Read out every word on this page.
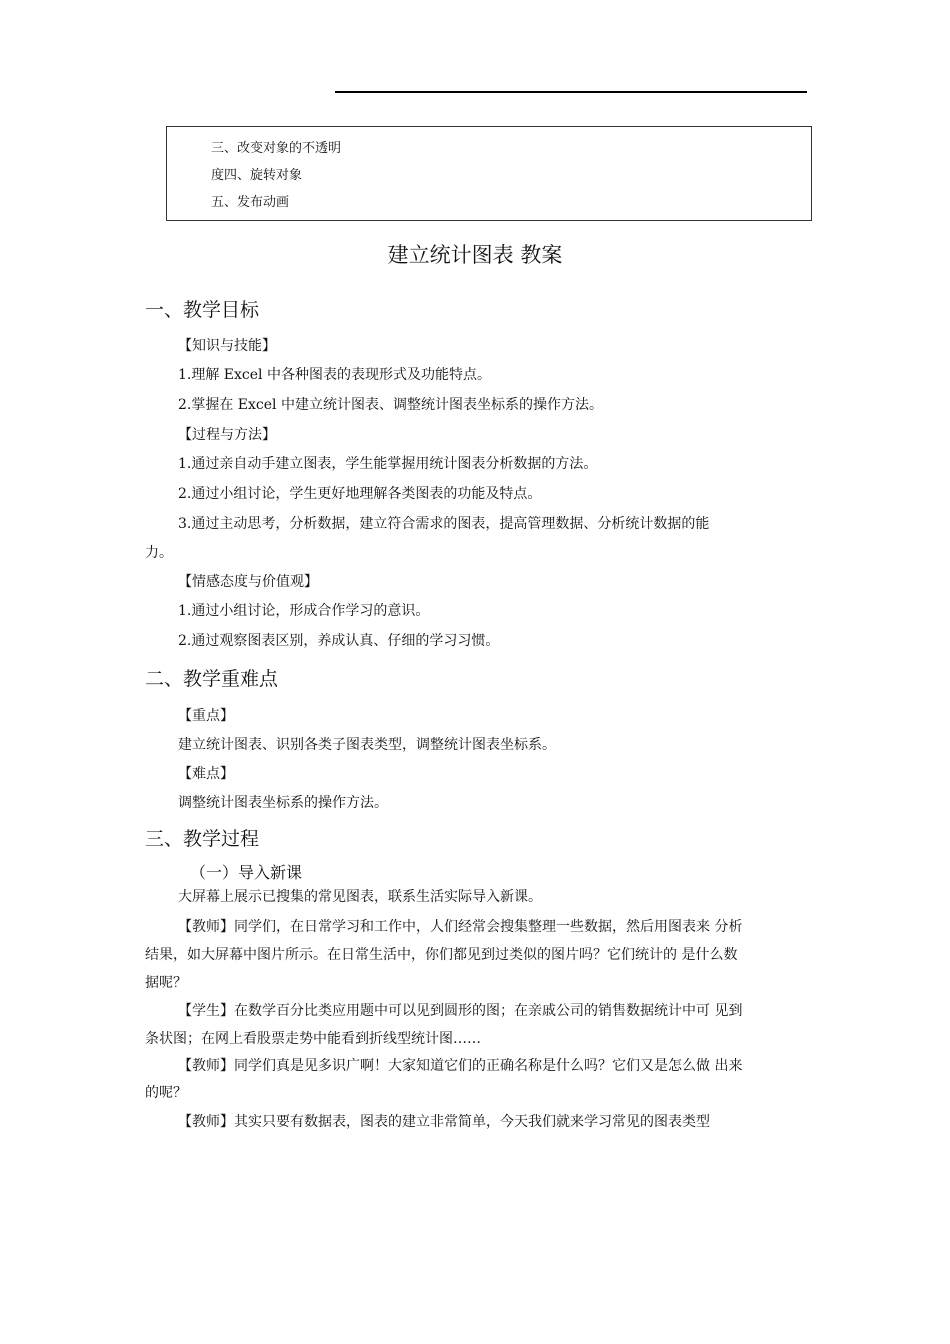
三、改变对象的不透明
度四、旋转对象
五、发布动画
建立统计图表 教案
一、教学目标
【知识与技能】
1.理解 Excel 中各种图表的表现形式及功能特点。
2.掌握在 Excel 中建立统计图表、调整统计图表坐标系的操作方法。
【过程与方法】
1.通过亲自动手建立图表，学生能掌握用统计图表分析数据的方法。
2.通过小组讨论，学生更好地理解各类图表的功能及特点。
3.通过主动思考，分析数据，建立符合需求的图表，提高管理数据、分析统计数据的能
力。
【情感态度与价值观】
1.通过小组讨论，形成合作学习的意识。
2.通过观察图表区别，养成认真、仔细的学习习惯。
二、教学重难点
【重点】
建立统计图表、识别各类子图表类型，调整统计图表坐标系。
【难点】
调整统计图表坐标系的操作方法。
三、教学过程
（一）导入新课
大屏幕上展示已搜集的常见图表，联系生活实际导入新课。
【教师】同学们，在日常学习和工作中，人们经常会搜集整理一些数据，然后用图表来 分析
结果，如大屏幕中图片所示。在日常生活中，你们都见到过类似的图片吗？它们统计的 是什么数
据呢？
【学生】在数学百分比类应用题中可以见到圆形的图；在亲戚公司的销售数据统计中可 见到
条状图；在网上看股票走势中能看到折线型统计图……
【教师】同学们真是见多识广啊！大家知道它们的正确名称是什么吗？它们又是怎么做 出来
的呢？
【教师】其实只要有数据表，图表的建立非常简单，今天我们就来学习常见的图表类型
